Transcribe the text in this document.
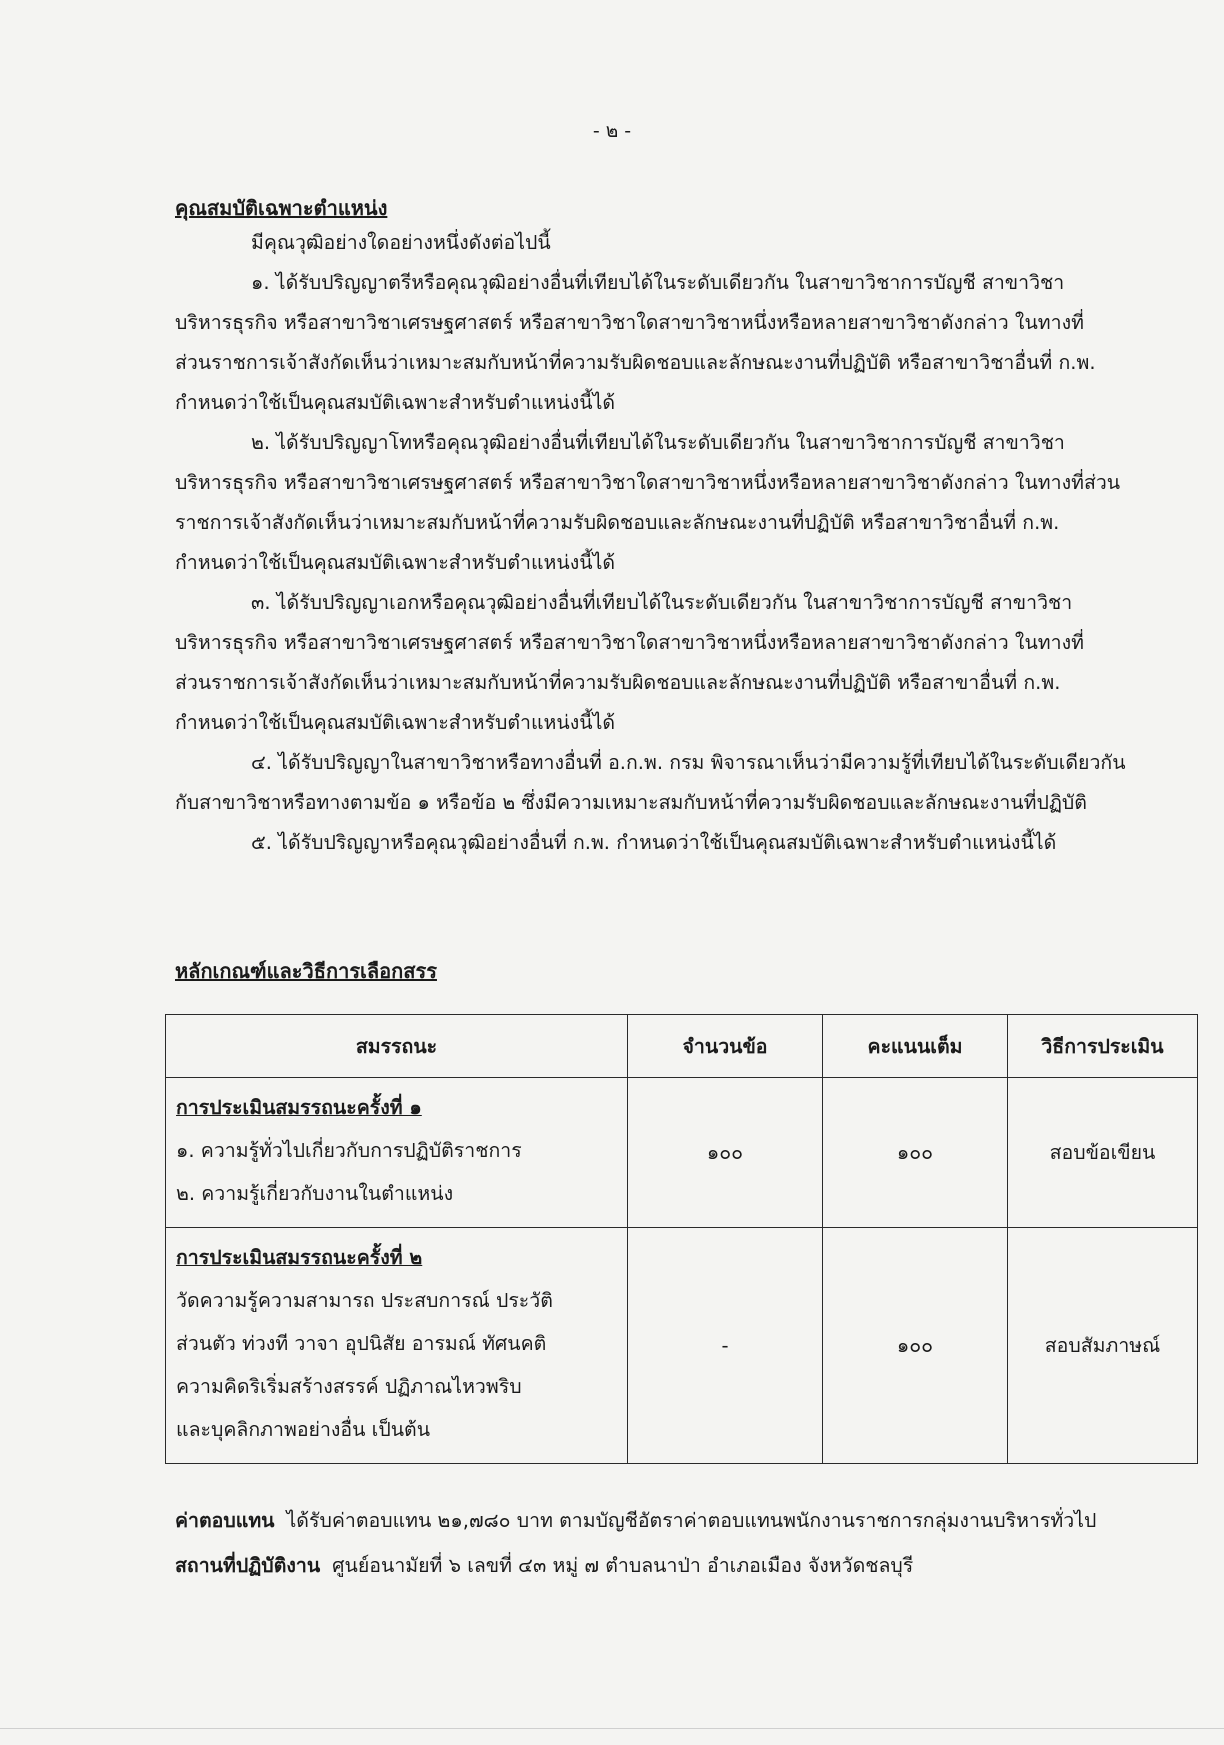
- ๒ -
คุณสมบัติเฉพาะตำแหน่ง
มีคุณวุฒิอย่างใดอย่างหนึ่งดังต่อไปนี้
๑. ได้รับปริญญาตรีหรือคุณวุฒิอย่างอื่นที่เทียบได้ในระดับเดียวกัน ในสาขาวิชาการบัญชี สาขาวิชา
บริหารธุรกิจ หรือสาขาวิชาเศรษฐศาสตร์ หรือสาขาวิชาใดสาขาวิชาหนึ่งหรือหลายสาขาวิชาดังกล่าว ในทางที่
ส่วนราชการเจ้าสังกัดเห็นว่าเหมาะสมกับหน้าที่ความรับผิดชอบและลักษณะงานที่ปฏิบัติ หรือสาขาวิชาอื่นที่ ก.พ.
กำหนดว่าใช้เป็นคุณสมบัติเฉพาะสำหรับตำแหน่งนี้ได้
๒. ได้รับปริญญาโทหรือคุณวุฒิอย่างอื่นที่เทียบได้ในระดับเดียวกัน ในสาขาวิชาการบัญชี สาขาวิชา
บริหารธุรกิจ หรือสาขาวิชาเศรษฐศาสตร์ หรือสาขาวิชาใดสาขาวิชาหนึ่งหรือหลายสาขาวิชาดังกล่าว ในทางที่ส่วน
ราชการเจ้าสังกัดเห็นว่าเหมาะสมกับหน้าที่ความรับผิดชอบและลักษณะงานที่ปฏิบัติ หรือสาขาวิชาอื่นที่ ก.พ.
กำหนดว่าใช้เป็นคุณสมบัติเฉพาะสำหรับตำแหน่งนี้ได้
๓. ได้รับปริญญาเอกหรือคุณวุฒิอย่างอื่นที่เทียบได้ในระดับเดียวกัน ในสาขาวิชาการบัญชี สาขาวิชา
บริหารธุรกิจ หรือสาขาวิชาเศรษฐศาสตร์ หรือสาขาวิชาใดสาขาวิชาหนึ่งหรือหลายสาขาวิชาดังกล่าว ในทางที่
ส่วนราชการเจ้าสังกัดเห็นว่าเหมาะสมกับหน้าที่ความรับผิดชอบและลักษณะงานที่ปฏิบัติ หรือสาขาอื่นที่ ก.พ.
กำหนดว่าใช้เป็นคุณสมบัติเฉพาะสำหรับตำแหน่งนี้ได้
๔. ได้รับปริญญาในสาขาวิชาหรือทางอื่นที่ อ.ก.พ. กรม พิจารณาเห็นว่ามีความรู้ที่เทียบได้ในระดับเดียวกัน
กับสาขาวิชาหรือทางตามข้อ ๑ หรือข้อ ๒ ซึ่งมีความเหมาะสมกับหน้าที่ความรับผิดชอบและลักษณะงานที่ปฏิบัติ
๕. ได้รับปริญญาหรือคุณวุฒิอย่างอื่นที่ ก.พ. กำหนดว่าใช้เป็นคุณสมบัติเฉพาะสำหรับตำแหน่งนี้ได้
หลักเกณฑ์และวิธีการเลือกสรร
สมรรถนะ	จำนวนข้อ	คะแนนเต็ม	วิธีการประเมิน

การประเมินสมรรถนะครั้งที่ ๑
๑. ความรู้ทั่วไปเกี่ยวกับการปฏิบัติราชการ
๒. ความรู้เกี่ยวกับงานในตำแหน่ง	๑๐๐	๑๐๐	สอบข้อเขียน

การประเมินสมรรถนะครั้งที่ ๒
วัดความรู้ความสามารถ ประสบการณ์ ประวัติ
ส่วนตัว ท่วงที วาจา อุปนิสัย อารมณ์ ทัศนคติ
ความคิดริเริ่มสร้างสรรค์ ปฏิภาณไหวพริบ
และบุคลิกภาพอย่างอื่น เป็นต้น	-	๑๐๐	สอบสัมภาษณ์
ค่าตอบแทน ได้รับค่าตอบแทน ๒๑,๗๘๐ บาท ตามบัญชีอัตราค่าตอบแทนพนักงานราชการกลุ่มงานบริหารทั่วไป
สถานที่ปฏิบัติงาน ศูนย์อนามัยที่ ๖ เลขที่ ๔๓ หมู่ ๗ ตำบลนาป่า อำเภอเมือง จังหวัดชลบุรี
